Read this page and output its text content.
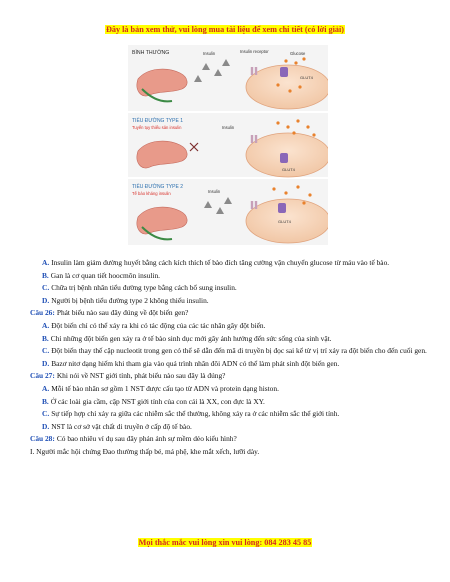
Đây là bản xem thử, vui lòng mua tài liệu để xem chi tiết (có lời giải)
BÌNH THƯỜNG	Insulin	Insulin receptor	Glucose
GLUT4
TIỂU ĐƯỜNG TYPE 1
Tuyến tụy thiếu sản insulin	Insulin
GLUT4
TIỂU ĐƯỜNG TYPE 2
Tế bào kháng insulin	Insulin
GLUT4
A. Insulin làm giảm đường huyết bằng cách kích thích tế bào đích tăng cường vận chuyển glucose từ máu vào tế bào.
B. Gan là cơ quan tiết hoocmôn insulin.
C. Chữa trị bệnh nhân tiểu đường type bằng cách bổ sung insulin.
D. Người bị bệnh tiểu đường type 2 không thiếu insulin.
Câu 26: Phát biểu nào sau đây đúng về đột biến gen?
A. Đột biến chỉ có thể xảy ra khi có tác động của các tác nhân gây đột biến.
B. Chỉ những đột biến gen xảy ra ở tế bào sinh dục mới gây ảnh hưởng đến sức sống của sinh vật.
C. Đột biến thay thế cặp nucleotit trong gen có thể sẽ dẫn đến mã di truyền bị đọc sai kể từ vị trí xảy ra đột biến cho đến cuối gen.
D. Bazơ nitơ dạng hiếm khi tham gia vào quá trình nhân đôi ADN có thể làm phát sinh đột biến gen.
Câu 27: Khi nói về NST giới tính, phát biểu nào sau đây là đúng?
A. Mỗi tế bào nhân sơ gồm 1 NST được cấu tạo từ ADN và protein dạng histon.
B. Ở các loài gia cầm, cặp NST giới tính của con cái là XX, con đực là XY.
C. Sự tiếp hợp chỉ xảy ra giữa các nhiễm sắc thể thường, không xảy ra ở các nhiễm sắc thể giới tính.
D. NST là cơ sở vật chất di truyền ở cấp độ tế bào.
Câu 28: Có bao nhiêu ví dụ sau đây phản ánh sự mềm dẻo kiểu hình?
I. Người mắc hội chứng Đao thường thấp bé, má phệ, khe mắt xếch, lưỡi dày.
Mọi thắc mắc vui lòng xin vui lòng: 084 283 45 85
